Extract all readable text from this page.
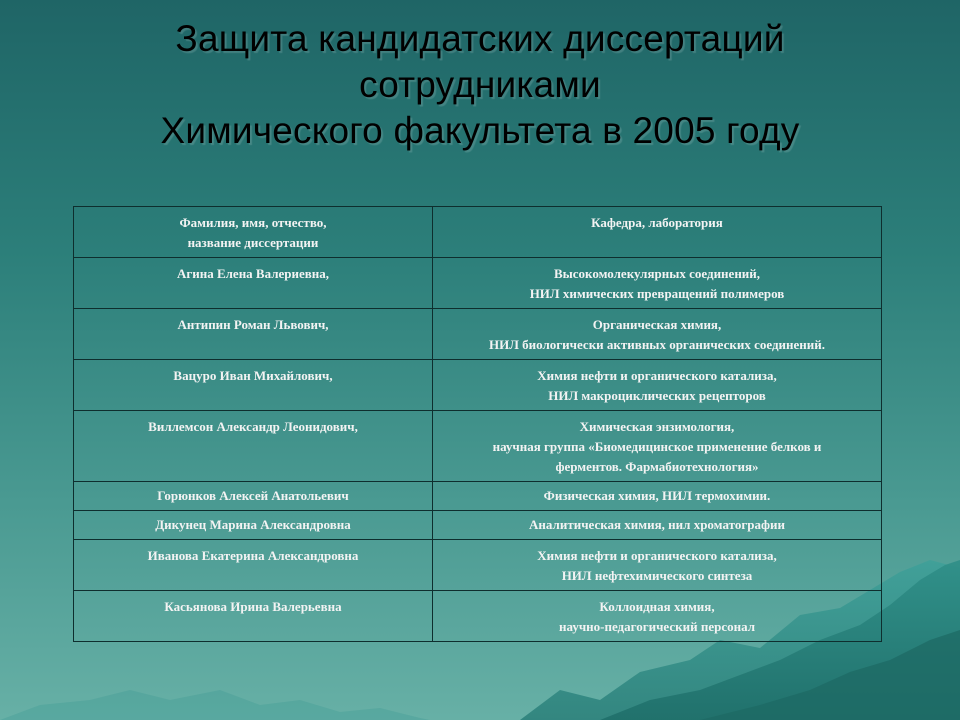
Защита кандидатских диссертаций
сотрудниками
Химического факультета в 2005 году
Фамилия, имя, отчество,
название диссертации	Кафедра, лаборатория

Агина Елена Валериевна,	Высокомолекулярных соединений,
НИЛ химических превращений полимеров

Антипин Роман Львович,	Органическая химия,
НИЛ биологически активных органических соединений.

Вацуро Иван Михайлович,	Химия нефти и органического катализа,
НИЛ макроциклических рецепторов

Виллемсон Александр Леонидович,	Химическая энзимология,
научная группа «Биомедицинское применение белков и
ферментов. Фармабиотехнология»

Горюнков Алексей Анатольевич	Физическая химия, НИЛ термохимии.

Дикунец Марина Александровна	Аналитическая химия, нил хроматографии

Иванова Екатерина Александровна	Химия нефти и органического катализа,
НИЛ нефтехимического синтеза

Касьянова Ирина Валерьевна	Коллоидная химия,
научно-педагогический персонал
